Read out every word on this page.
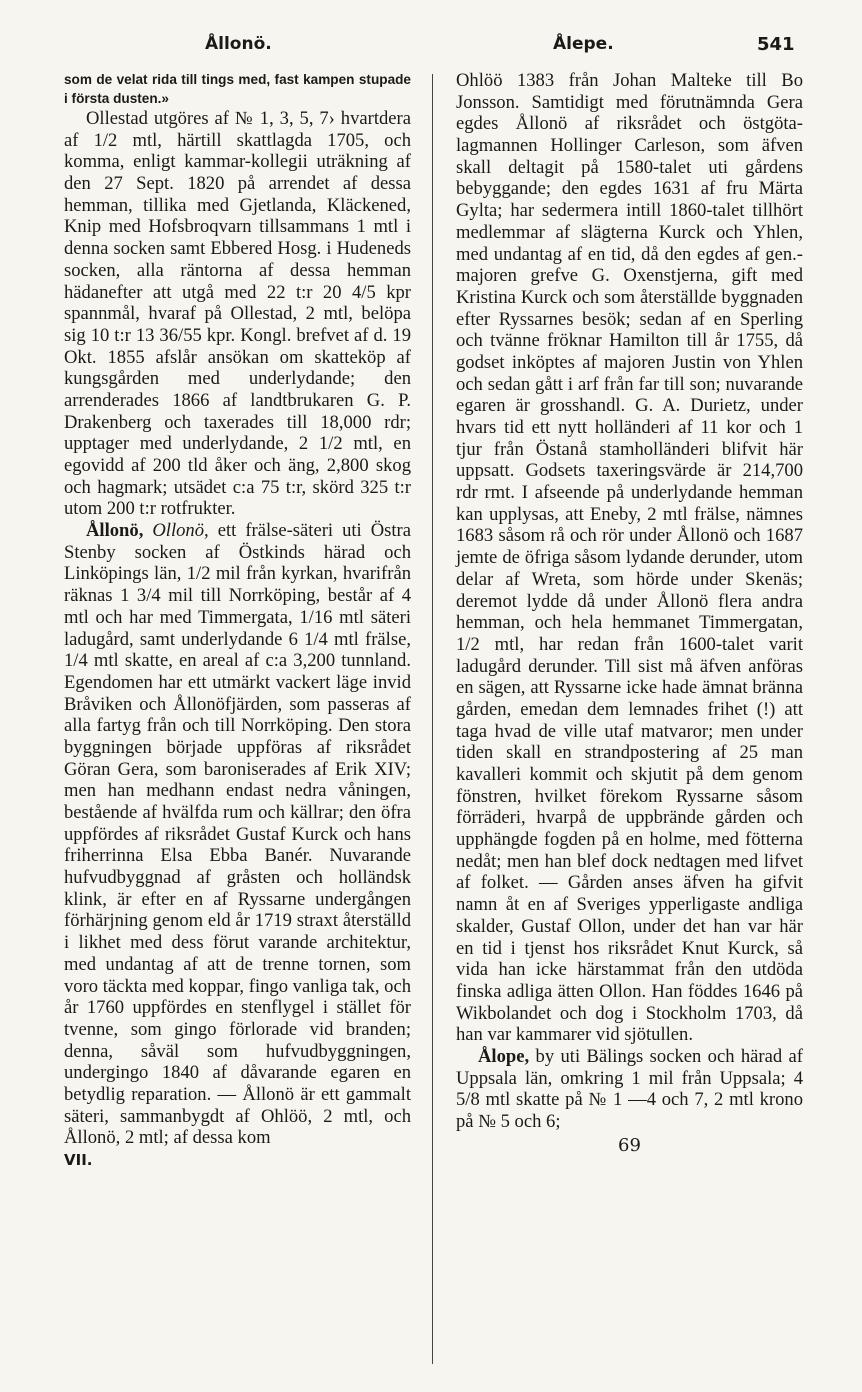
Ållonö.	Ålepe.	541

som de velat rida till tings med, fast kampen stupade i första dusten.»

Ollestad utgöres af № 1, 3, 5, 7› hvartdera af 1/2 mtl, härtill skattlagda 1705, och komma, enligt kammar-kollegii uträkning af den 27 Sept. 1820 på arrendet af dessa hemman, tillika med Gjetlanda, Kläckened, Knip med Hofsbroqvarn tillsammans 1 mtl i denna socken samt Ebbered Hosg. i Hudeneds socken, alla räntorna af dessa hemman hädanefter att utgå med 22 t:r 20 4/5 kpr spannmål, hvaraf på Ollestad, 2 mtl, belöpa sig 10 t:r 13 36/55 kpr. Kongl. brefvet af d. 19 Okt. 1855 afslår ansökan om skatteköp af kungsgården med underlydande; den arrenderades 1866 af landtbrukaren G. P. Drakenberg och taxerades till 18,000 rdr; upptager med underlydande, 2 1/2 mtl, en egovidd af 200 tld åker och äng, 2,800 skog och hagmark; utsädet c:a 75 t:r, skörd 325 t:r utom 200 t:r rotfrukter.

Ållonö, Ollonö, ett frälse-säteri uti Östra Stenby socken af Östkinds härad och Linköpings län, 1/2 mil från kyrkan, hvarifrån räknas 1 3/4 mil till Norrköping, består af 4 mtl och har med Timmergata, 1/16 mtl säteri ladugård, samt underlydande 6 1/4 mtl frälse, 1/4 mtl skatte, en areal af c:a 3,200 tunnland. Egendomen har ett utmärkt vackert läge invid Bråviken och Ållonöfjärden, som passeras af alla fartyg från och till Norrköping. Den stora byggningen började uppföras af riksrådet Göran Gera, som baroniserades af Erik XIV; men han medhann endast nedra våningen, bestående af hvälfda rum och källrar; den öfra uppfördes af riksrådet Gustaf Kurck och hans friherrinna Elsa Ebba Banér. Nuvarande hufvudbyggnad af gråsten och holländsk klink, är efter en af Ryssarne undergången förhärjning genom eld år 1719 straxt återställd i likhet med dess förut varande architektur, med undantag af att de trenne tornen, som voro täckta med koppar, fingo vanliga tak, och år 1760 uppfördes en stenflygel i stället för tvenne, som gingo förlorade vid branden; denna, såväl som hufvudbyggningen, undergingo 1840 af dåvarande egaren en betydlig reparation. — Ållonö är ett gammalt säteri, sammanbygdt af Ohlöö, 2 mtl, och Ållonö, 2 mtl; af dessa kom

VII.

Ohlöö 1383 från Johan Malteke till Bo Jonsson. Samtidigt med förutnämnda Gera egdes Ållonö af riksrådet och östgöta-lagmannen Hollinger Carleson, som äfven skall deltagit på 1580-talet uti gårdens bebyggande; den egdes 1631 af fru Märta Gylta; har sedermera intill 1860-talet tillhört medlemmar af slägterna Kurck och Yhlen, med undantag af en tid, då den egdes af gen.-majoren grefve G. Oxenstjerna, gift med Kristina Kurck och som återställde byggnaden efter Ryssarnes besök; sedan af en Sperling och tvänne fröknar Hamilton till år 1755, då godset inköptes af majoren Justin von Yhlen och sedan gått i arf från far till son; nuvarande egaren är grosshandl. G. A. Durietz, under hvars tid ett nytt holländeri af 11 kor och 1 tjur från Östanå stamholländeri blifvit här uppsatt. Godsets taxeringsvärde är 214,700 rdr rmt. I afseende på underlydande hemman kan upplysas, att Eneby, 2 mtl frälse, nämnes 1683 såsom rå och rör under Ållonö och 1687 jemte de öfriga såsom lydande derunder, utom delar af Wreta, som hörde under Skenäs; deremot lydde då under Ållonö flera andra hemman, och hela hemmanet Timmergatan, 1/2 mtl, har redan från 1600-talet varit ladugård derunder. Till sist må äfven anföras en sägen, att Ryssarne icke hade ämnat bränna gården, emedan dem lemnades frihet (!) att taga hvad de ville utaf matvaror; men under tiden skall en strandpostering af 25 man kavalleri kommit och skjutit på dem genom fönstren, hvilket förekom Ryssarne såsom förräderi, hvarpå de uppbrände gården och upphängde fogden på en holme, med fötterna nedåt; men han blef dock nedtagen med lifvet af folket. — Gården anses äfven ha gifvit namn åt en af Sveriges ypperligaste andliga skalder, Gustaf Ollon, under det han var här en tid i tjenst hos riksrådet Knut Kurck, så vida han icke härstammat från den utdöda finska adliga ätten Ollon. Han föddes 1646 på Wikbolandet och dog i Stockholm 1703, då han var kammarer vid sjötullen.

Ålope, by uti Bälings socken och härad af Uppsala län, omkring 1 mil från Uppsala; 4 5/8 mtl skatte på № 1 —4 och 7, 2 mtl krono på № 5 och 6;

69
